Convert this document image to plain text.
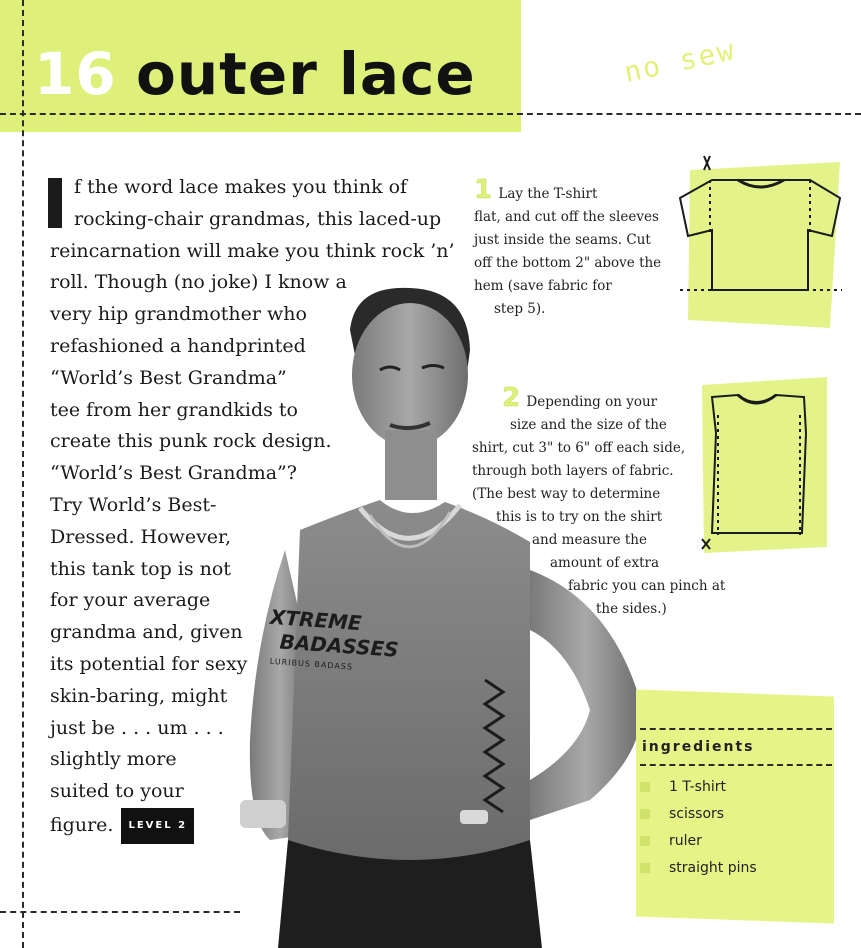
16 outer lace	no sew
XTREME
BADASSES
LURIBUS BADASS
f the word lace makes you think of
rocking-chair grandmas, this laced-up
reincarnation will make you think rock ’n’
roll. Though (no joke) I know a
very hip grandmother who
refashioned a handprinted
“World’s Best Grandma”
tee from her grandkids to
create this punk rock design.
“World’s Best Grandma”?
Try World’s Best-
Dressed. However,
this tank top is not
for your average
grandma and, given
its potential for sexy
skin-baring, might
just be . . . um . . .
slightly more
suited to your
figure. LEVEL 2
1 Lay the T-shirt
flat, and cut off the sleeves
just inside the seams. Cut
off the bottom 2" above the
hem (save fabric for
step 5).
2 Depending on your
size and the size of the
shirt, cut 3" to 6" off each side,
through both layers of fabric.
(The best way to determine
this is to try on the shirt
and measure the
amount of extra
fabric you can pinch at
the sides.)
ingredients
1 T-shirt
scissors
ruler
straight pins
